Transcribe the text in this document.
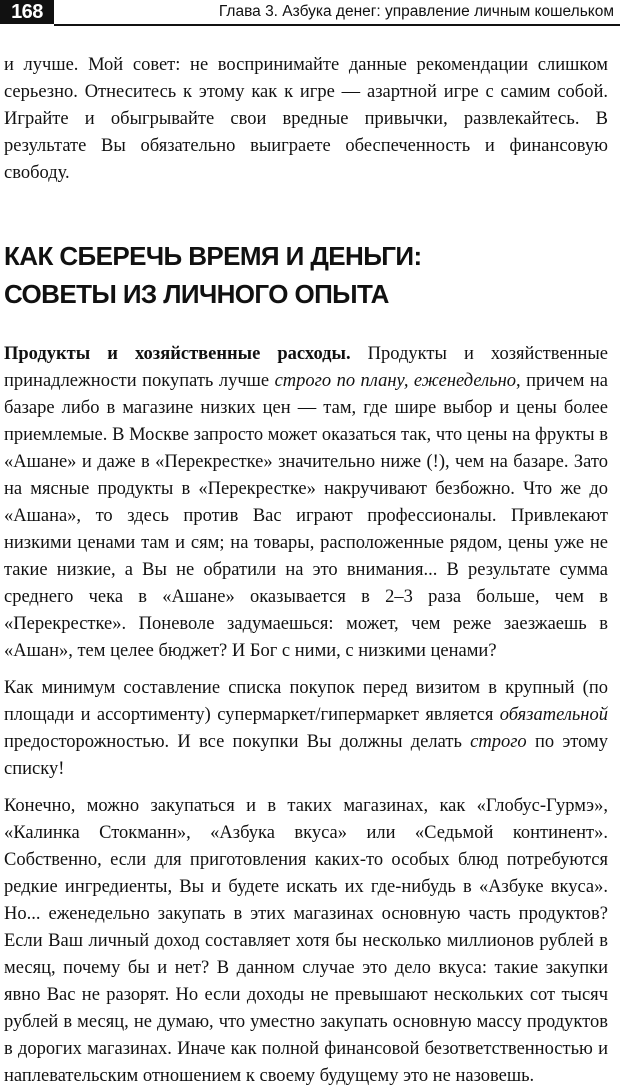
168	Глава 3. Азбука денег: управление личным кошельком

и лучше. Мой совет: не воспринимайте данные рекомендации слишком серьезно. Отнеситесь к этому как к игре — азартной игре с самим собой. Играйте и обыгрывайте свои вредные привычки, развлекайтесь. В результате Вы обязательно выиграете обеспеченность и финансовую свободу.

КАК СБЕРЕЧЬ ВРЕМЯ И ДЕНЬГИ:
СОВЕТЫ ИЗ ЛИЧНОГО ОПЫТА

Продукты и хозяйственные расходы. Продукты и хозяйственные принадлежности покупать лучше строго по плану, еженедельно, причем на базаре либо в магазине низких цен — там, где шире выбор и цены более приемлемые. В Москве запросто может оказаться так, что цены на фрукты в «Ашане» и даже в «Перекрестке» значительно ниже (!), чем на базаре. Зато на мясные продукты в «Перекрестке» накручивают безбожно. Что же до «Ашана», то здесь против Вас играют профессионалы. Привлекают низкими ценами там и сям; на товары, расположенные рядом, цены уже не такие низкие, а Вы не обратили на это внимания... В результате сумма среднего чека в «Ашане» оказывается в 2–3 раза больше, чем в «Перекрестке». Поневоле задумаешься: может, чем реже заезжаешь в «Ашан», тем целее бюджет? И Бог с ними, с низкими ценами?

Как минимум составление списка покупок перед визитом в крупный (по площади и ассортименту) супермаркет/гипермаркет является обязательной предосторожностью. И все покупки Вы должны делать строго по этому списку!

Конечно, можно закупаться и в таких магазинах, как «Глобус-Гурмэ», «Калинка Стокманн», «Азбука вкуса» или «Седьмой континент». Собственно, если для приготовления каких-то особых блюд потребуются редкие ингредиенты, Вы и будете искать их где-нибудь в «Азбуке вкуса». Но... еженедельно закупать в этих магазинах основную часть продуктов? Если Ваш личный доход составляет хотя бы несколько миллионов рублей в месяц, почему бы и нет? В данном случае это дело вкуса: такие закупки явно Вас не разорят. Но если доходы не превышают нескольких сот тысяч рублей в месяц, не думаю, что уместно закупать основную массу продуктов в дорогих магазинах. Иначе как полной финансовой безответственностью и наплевательским отношением к своему будущему это не назовешь.
